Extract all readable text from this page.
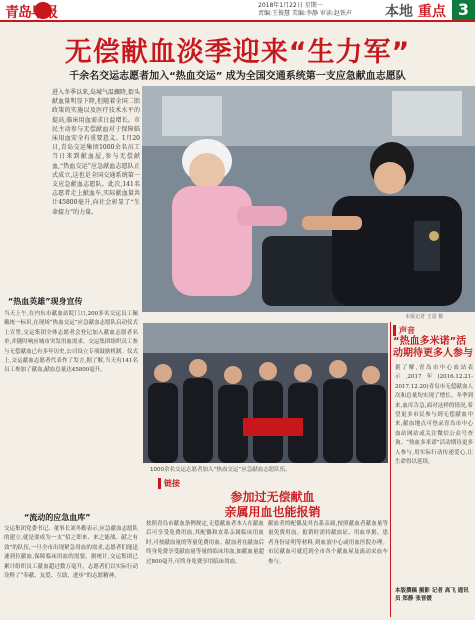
青岛早报	2018年1月22日 星期一
责编:王俊慧 美编:李静 审读:赵铁声 本地 重点 3
无偿献血淡季迎来“生力军”
千余名交运志愿者加入“热血交运” 成为全国交通系统第一支应急献血志愿队
进入冬季以来,岛城气温骤降,街头献血量明显下降,但随着全国二胎政策的实施以及医疗技术水平的提高,临床用血需求日益增长。市民主动参与无偿献血对于保障临床用血安全有重要意义。1月20日,青岛交运集团1000余名员工当日来到献血屋,参与无偿献血,“热血交运”应急献血志愿队正式成立,这也是全国交通系统第一支应急献血志愿队。此次,141名志愿者走上献血车,实际献血量共计45800毫升,向社会彰显了“生命接力”的力量。
本报记者 王雷 摄
“热血英雄”现身宣传
当天上午,在内东市献血站院门口,200多名交运员工佩戴统一标识,在现场“热血交运”应急献血志愿队启动仪式上宣誓,交运集团全体志愿者会登记加入献血志愿者名单,并随时响应城市突发用血需求。交运集团组织员工参与无偿献血已有多年历史,公司设立专项鼓励机制。仪式上,交运献血志愿者代表作了发言,据了解,当天有141名员工参加了献血,献血总量达45800毫升。
“流动的应急血库”
交运集团党委书记、董事长刘冬勤表示,应急献血志愿队的建立,就是要成为一支“招之即来、来之能战、献之有效”的队伍,一旦全市出现紧急用血的需求,志愿者们能迅速到位献血,保障临床用血的需要。据统计,交运集团已累计组织员工献血超过数万毫升。志愿者们以实际行动诠释了“奉献、友爱、互助、进步”的志愿精神。
1000余名交运志愿者加入“热血交运”应急献血志愿队伍。
链接
参加过无偿献血
亲属用血也能报销
按照青岛市献血条例规定,无偿献血者本人在献血后可享受免费用血,其配偶和直系亲属临床用血时,可按献血量的等量免费用血。献血者在献血后终身免费享受献血量等量的临床用血,如献血量超过800毫升,可终身免费享用临床用血。
献血者的配偶及其直系亲属,按照献血者献血量等量免费用血。报销时需持献血证、用血单据、患者身份证明等材料,到血液中心或用血医院办理。市民献血可就近到全市各个献血屋及流动采血车参与。
声音
“热血多米诺”活动期待更多人参与
据了解,青岛市中心血站表示,2017年(2016.12.21-2017.12.20)青岛市无偿献血人次和总量均实现了增长。冬季到来,血库告急,面对这样的情况,希望更多市民参与到无偿献血中来,献血地点可登录青岛市中心血站网站或关注微信公众号查询。“热血多米诺”活动期待更多人参与,用实际行动传递爱心,让生命得以延续。
本版撰稿 摄影 记者 高飞 通讯员 郑静 张晋媛
